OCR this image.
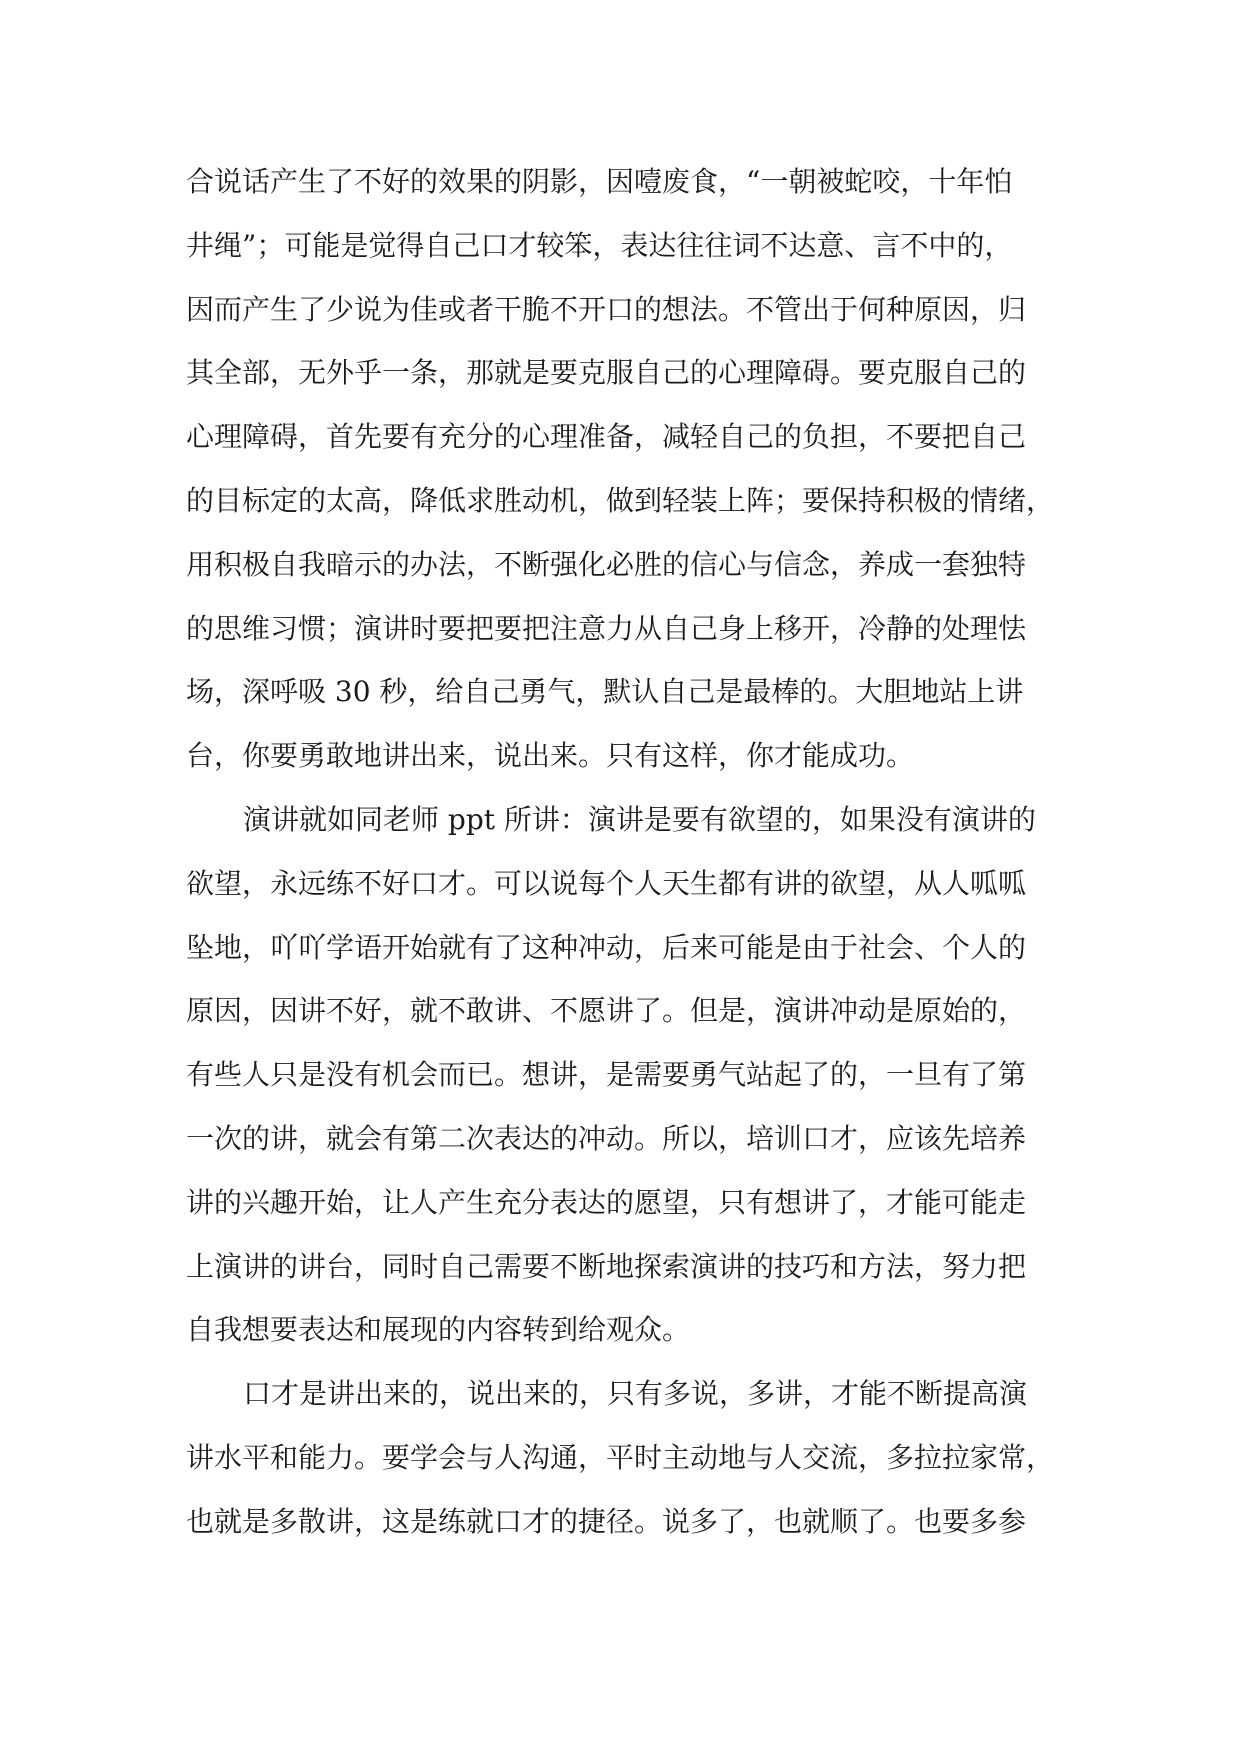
合说话产生了不好的效果的阴影，因噎废食，“一朝被蛇咬，十年怕
井绳”；可能是觉得自己口才较笨，表达往往词不达意、言不中的，
因而产生了少说为佳或者干脆不开口的想法。不管出于何种原因，归
其全部，无外乎一条，那就是要克服自己的心理障碍。要克服自己的
心理障碍，首先要有充分的心理准备，减轻自己的负担，不要把自己
的目标定的太高，降低求胜动机，做到轻装上阵；要保持积极的情绪，
用积极自我暗示的办法，不断强化必胜的信心与信念，养成一套独特
的思维习惯；演讲时要把要把注意力从自己身上移开，冷静的处理怯
场，深呼吸 30 秒，给自己勇气，默认自己是最棒的。大胆地站上讲
台，你要勇敢地讲出来，说出来。只有这样，你才能成功。
演讲就如同老师 ppt 所讲：演讲是要有欲望的，如果没有演讲的
欲望，永远练不好口才。可以说每个人天生都有讲的欲望，从人呱呱
坠地，吖吖学语开始就有了这种冲动，后来可能是由于社会、个人的
原因，因讲不好，就不敢讲、不愿讲了。但是，演讲冲动是原始的，
有些人只是没有机会而已。想讲，是需要勇气站起了的，一旦有了第
一次的讲，就会有第二次表达的冲动。所以，培训口才，应该先培养
讲的兴趣开始，让人产生充分表达的愿望，只有想讲了，才能可能走
上演讲的讲台，同时自己需要不断地探索演讲的技巧和方法，努力把
自我想要表达和展现的内容转到给观众。
口才是讲出来的，说出来的，只有多说，多讲，才能不断提高演
讲水平和能力。要学会与人沟通，平时主动地与人交流，多拉拉家常，
也就是多散讲，这是练就口才的捷径。说多了，也就顺了。也要多参
